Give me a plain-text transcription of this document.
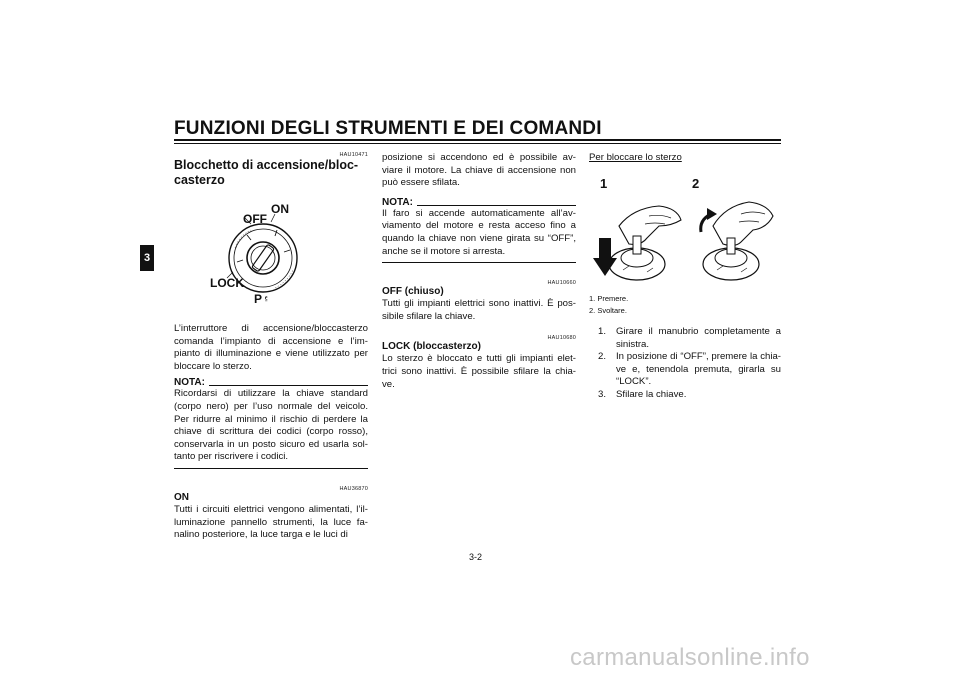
FUNZIONI DEGLI STRUMENTI E DEI COMANDI
3
HAU10471
Blocchetto di accensione/bloc-
casterzo
OFF
ON
LOCK
P ⍷
L’interruttore di accensione/bloccasterzo comanda l’impianto di accensione e l’im-pianto di illuminazione e viene utilizzato per bloccare lo sterzo.
NOTA:
Ricordarsi di utilizzare la chiave standard (corpo nero) per l’uso normale del veicolo. Per ridurre al minimo il rischio di perdere la chiave di scrittura dei codici (corpo rosso), conservarla in un posto sicuro ed usarla sol-tanto per riscrivere i codici.
HAU36870
ON
Tutti i circuiti elettrici vengono alimentati, l’il-luminazione pannello strumenti, la luce fa-nalino posteriore, la luce targa e le luci di
posizione si accendono ed è possibile av-viare il motore. La chiave di accensione non può essere sfilata.
NOTA:
Il faro si accende automaticamente all’av-viamento del motore e resta acceso fino a quando la chiave non viene girata su “OFF”, anche se il motore si arresta.
HAU10660
OFF (chiuso)
Tutti gli impianti elettrici sono inattivi. È pos-sibile sfilare la chiave.
HAU10680
LOCK (bloccasterzo)
Lo sterzo è bloccato e tutti gli impianti elet-trici sono inattivi. È possibile sfilare la chia-ve.
Per bloccare lo sterzo
1	2
1. Premere.
2. Svoltare.
1.	Girare il manubrio completamente a sinistra.
2.	In posizione di “OFF”, premere la chia-ve e, tenendola premuta, girarla su “LOCK”.
3.	Sfilare la chiave.
3-2
carmanualsonline.info
